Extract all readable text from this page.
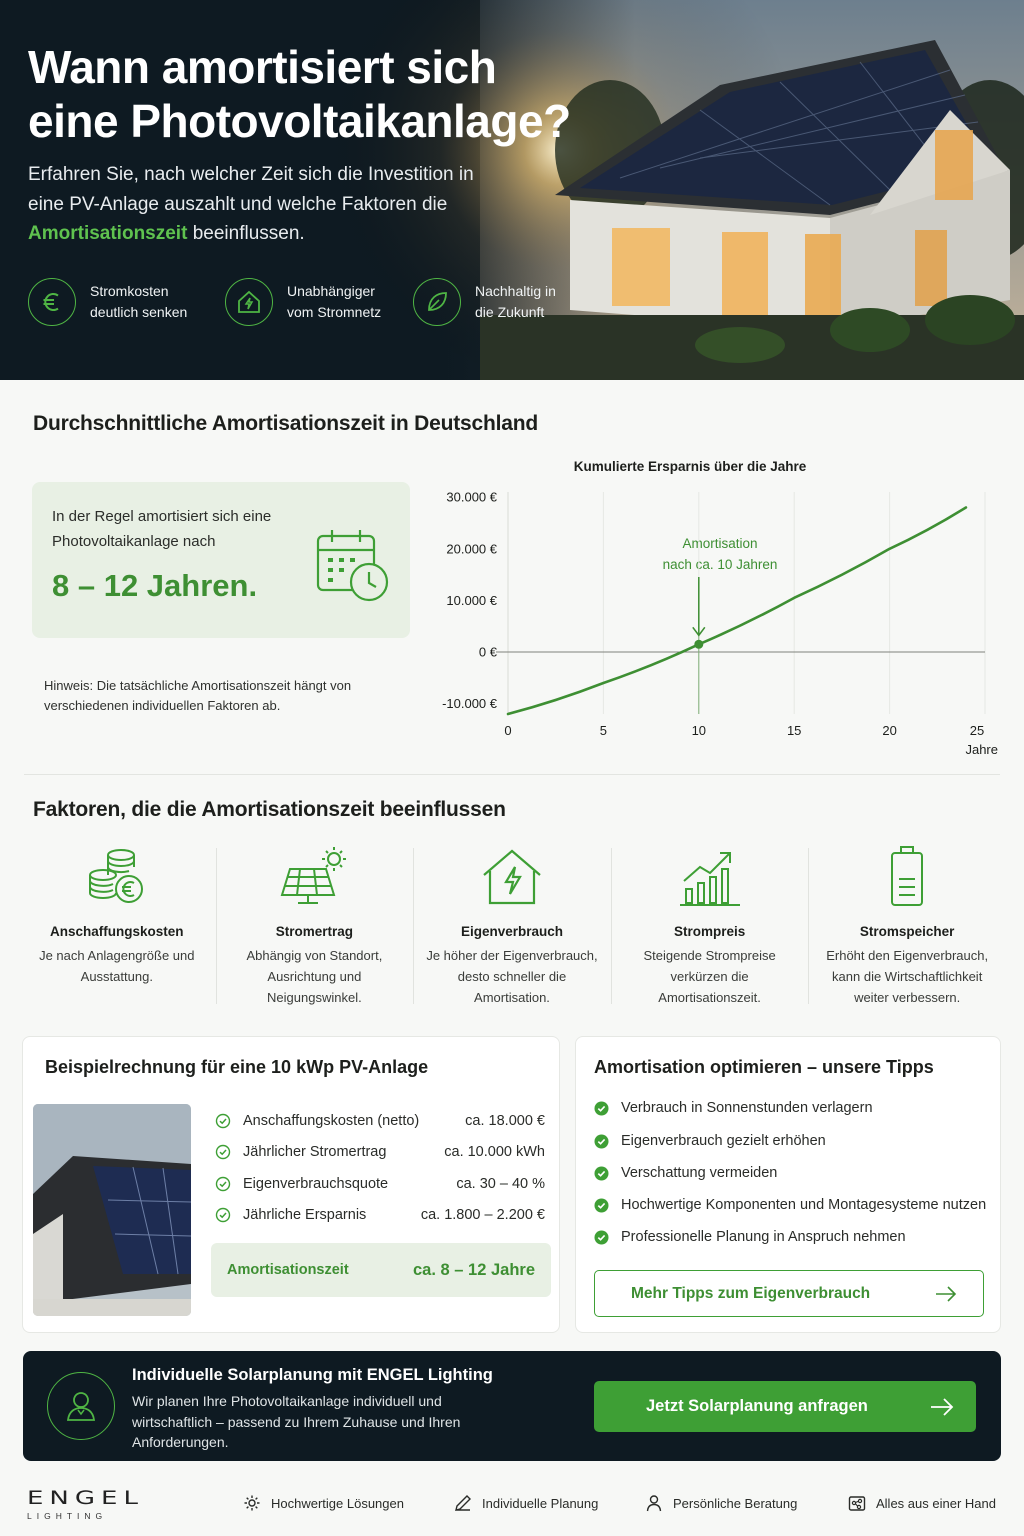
Wann amortisiert sich eine Photovoltaikanlage?

Erfahren Sie, nach welcher Zeit sich die Investition in eine PV-Anlage auszahlt und welche Faktoren die Amortisationszeit beeinflussen.

Stromkosten
deutlich senken
Unabhängiger
vom Stromnetz
Nachhaltig in
die Zukunft
Durchschnittliche Amortisationszeit in Deutschland
In der Regel amortisiert sich eine Photovoltaikanlage nach
8 – 12 Jahren.
Hinweis: Die tatsächliche Amortisationszeit hängt von verschiedenen individuellen Faktoren ab.
Kumulierte Ersparnis über die Jahre
Jahre
Amortisation
nach ca. 10 Jahren
30.000 €
20.000 €
10.000 €
0 €
-10.000 €
0	5	10	15	20	25
Faktoren, die die Amortisationszeit beeinflussen
Anschaffungskosten
Je nach Anlagengröße und Ausstattung.
Stromertrag
Abhängig von Standort, Ausrichtung und Neigungswinkel.
Eigenverbrauch
Je höher der Eigenverbrauch, desto schneller die Amortisation.
Strompreis
Steigende Strompreise verkürzen die Amortisationszeit.
Stromspeicher
Erhöht den Eigenverbrauch, kann die Wirtschaftlichkeit weiter verbessern.
Beispielrechnung für eine 10 kWp PV-Anlage
Anschaffungskosten (netto)	ca. 18.000 €
Jährlicher Stromertrag	ca. 10.000 kWh
Eigenverbrauchsquote	ca. 30 – 40 %
Jährliche Ersparnis	ca. 1.800 – 2.200 €
Amortisationszeit	ca. 8 – 12 Jahre
Amortisation optimieren – unsere Tipps
Verbrauch in Sonnenstunden verlagern
Eigenverbrauch gezielt erhöhen
Verschattung vermeiden
Hochwertige Komponenten und Montagesysteme nutzen
Professionelle Planung in Anspruch nehmen
Mehr Tipps zum Eigenverbrauch
Individuelle Solarplanung mit ENGEL Lighting
Wir planen Ihre Photovoltaikanlage individuell und wirtschaftlich – passend zu Ihrem Zuhause und Ihren Anforderungen.
Jetzt Solarplanung anfragen
ENGEL
LIGHTING
Hochwertige Lösungen	Individuelle Planung	Persönliche Beratung	Alles aus einer Hand
